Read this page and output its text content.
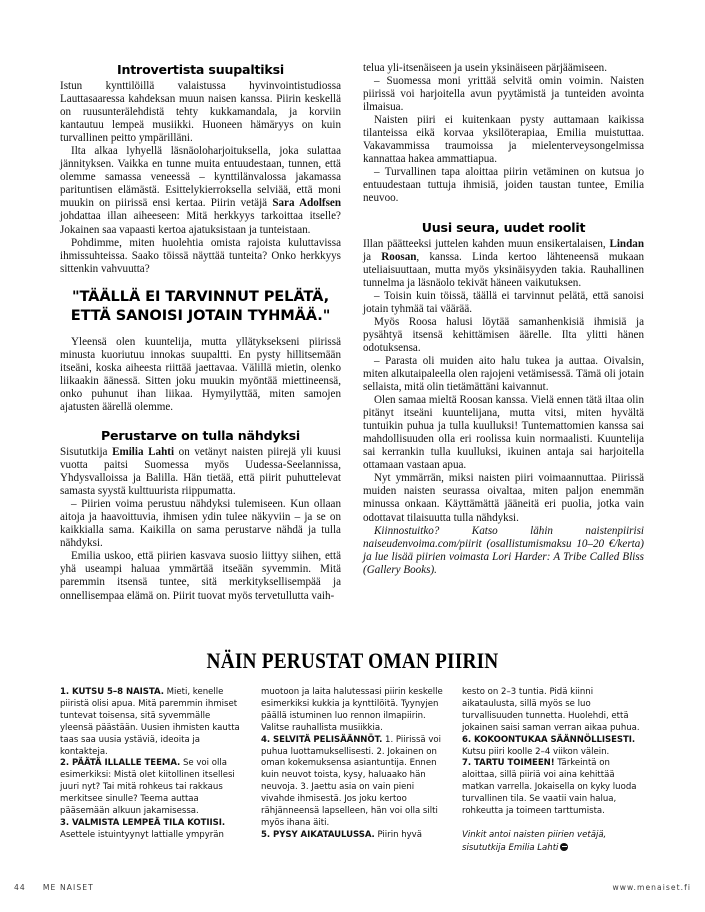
Introvertista suupaltiksi

Istun kynttilöillä valaistussa hyvinvointistudiossa Lauttasaaressa kahdeksan muun naisen kanssa. Piirin keskellä on ruusunterälehdistä tehty kukkamandala, ja korviin kantautuu lempeä musiikki. Huoneen hämäryys on kuin turvallinen peitto ympärilläni.

Ilta alkaa lyhyellä läsnäoloharjoituksella, joka sulattaa jännityksen. Vaikka en tunne muita entuudestaan, tunnen, että olemme samassa veneessä – kynttilänvalossa jakamassa parituntisen elämästä. Esittelykierroksella selviää, että moni muukin on piirissä ensi kertaa. Piirin vetäjä Sara Adolfsen johdattaa illan aiheeseen: Mitä herkkyys tarkoittaa itselle? Jokainen saa vapaasti kertoa ajatuksistaan ja tunteistaan.

Pohdimme, miten huolehtia omista rajoista kuluttavissa ihmissuhteissa. Saako töissä näyttää tunteita? Onko herkkyys sittenkin vahvuutta?

"TÄÄLLÄ EI TARVINNUT PELÄTÄ, ETTÄ SANOISI JOTAIN TYHMÄÄ."

Yleensä olen kuuntelija, mutta yllätyksekseni piirissä minusta kuoriutuu innokas suupaltti. En pysty hillitsemään itseäni, koska aiheesta riittää jaettavaa. Välillä mietin, olenko liikaakin äänessä. Sitten joku muukin myöntää miettineensä, onko puhunut ihan liikaa. Hymyilyttää, miten samojen ajatusten äärellä olemme.

Perustarve on tulla nähdyksi

Sisututkija Emilia Lahti on vetänyt naisten piirejä yli kuusi vuotta paitsi Suomessa myös Uudessa-Seelannissa, Yhdysvalloissa ja Balilla. Hän tietää, että piirit puhuttelevat samasta syystä kulttuurista riippumatta.

– Piirien voima perustuu nähdyksi tulemiseen. Kun ollaan aitoja ja haavoittuvia, ihmisen ydin tulee näkyviin – ja se on kaikkialla sama. Kaikilla on sama perustarve nähdä ja tulla nähdyksi.

Emilia uskoo, että piirien kasvava suosio liittyy siihen, että yhä useampi haluaa ymmärtää itseään syvemmin. Mitä paremmin itsensä tuntee, sitä merkityksellisempää ja onnellisempaa elämä on. Piirit tuovat myös tervetullutta vaih-

telua yli-itsenäiseen ja usein yksinäiseen pärjäämiseen.

– Suomessa moni yrittää selvitä omin voimin. Naisten piirissä voi harjoitella avun pyytämistä ja tunteiden avointa ilmaisua.

Naisten piiri ei kuitenkaan pysty auttamaan kaikissa tilanteissa eikä korvaa yksilöterapiaa, Emilia muistuttaa. Vakavammissa traumoissa ja mielenterveysongelmissa kannattaa hakea ammattiapua.

– Turvallinen tapa aloittaa piirin vetäminen on kutsua jo entuudestaan tuttuja ihmisiä, joiden taustan tuntee, Emilia neuvoo.

Uusi seura, uudet roolit

Illan päätteeksi juttelen kahden muun ensikertalaisen, Lindan ja Roosan, kanssa. Linda kertoo lähteneensä mukaan uteliaisuuttaan, mutta myös yksinäisyyden takia. Rauhallinen tunnelma ja läsnäolo tekivät häneen vaikutuksen.

– Toisin kuin töissä, täällä ei tarvinnut pelätä, että sanoisi jotain tyhmää tai väärää.

Myös Roosa halusi löytää samanhenkisiä ihmisiä ja pysähtyä itsensä kehittämisen äärelle. Ilta ylitti hänen odotuksensa.

– Parasta oli muiden aito halu tukea ja auttaa. Oivalsin, miten alkutaipaleella olen rajojeni vetämisessä. Tämä oli jotain sellaista, mitä olin tietämättäni kaivannut.

Olen samaa mieltä Roosan kanssa. Vielä ennen tätä iltaa olin pitänyt itseäni kuuntelijana, mutta vitsi, miten hyvältä tuntuikin puhua ja tulla kuulluksi! Tuntemattomien kanssa sai mahdollisuuden olla eri roolissa kuin normaalisti. Kuuntelija sai kerrankin tulla kuulluksi, ikuinen antaja sai harjoitella ottamaan vastaan apua.

Nyt ymmärrän, miksi naisten piiri voimaannuttaa. Piirissä muiden naisten seurassa oivaltaa, miten paljon enemmän minussa onkaan. Käyttämättä jääneitä eri puolia, jotka vain odottavat tilaisuutta tulla nähdyksi.

Kiinnostuitko? Katso lähin naistenpiirisi naiseudenvoima.com/piirit (osallistumismaksu 10–20 €/kerta) ja lue lisää piirien voimasta Lori Harder: A Tribe Called Bliss (Gallery Books).

NÄIN PERUSTAT OMAN PIIRIN

1. KUTSU 5–8 NAISTA. Mieti, kenelle piiristä olisi apua. Mitä paremmin ihmiset tuntevat toisensa, sitä syvemmälle yleensä päästään. Uusien ihmisten kautta taas saa uusia ystäviä, ideoita ja kontakteja.

2. PÄÄTÄ ILLALLE TEEMA. Se voi olla esimerkiksi: Mistä olet kiitollinen itsellesi juuri nyt? Tai mitä rohkeus tai rakkaus merkitsee sinulle? Teema auttaa pääsemään alkuun jakamisessa.

3. VALMISTA LEMPEÄ TILA KOTIISI. Asettele istuintyynyt lattialle ympyrän

muotoon ja laita halutessasi piirin keskelle esimerkiksi kukkia ja kynttilöitä. Tyynyjen päällä istuminen luo rennon ilmapiirin. Valitse rauhallista musiikkia.

4. SELVITÄ PELISÄÄNNÖT. 1. Piirissä voi puhua luottamuksellisesti. 2. Jokainen on oman kokemuksensa asiantuntija. Ennen kuin neuvot toista, kysy, haluaako hän neuvoja. 3. Jaettu asia on vain pieni vivahde ihmisestä. Jos joku kertoo rähjänneensä lapselleen, hän voi olla silti myös ihana äiti.

5. PYSY AIKATAULUSSA. Piirin hyvä

kesto on 2–3 tuntia. Pidä kiinni aikataulusta, sillä myös se luo turvallisuuden tunnetta. Huolehdi, että jokainen saisi saman verran aikaa puhua.

6. KOKOONTUKAA SÄÄNNÖLLISESTI. Kutsu piiri koolle 2–4 viikon välein.

7. TARTU TOIMEEN! Tärkeintä on aloittaa, sillä piiriä voi aina kehittää matkan varrella. Jokaisella on kyky luoda turvallinen tila. Se vaatii vain halua, rohkeutta ja toimeen tarttumista.

Vinkit antoi naisten piirien vetäjä,
sisututkija Emilia Lahti

44 ME NAISET	www.menaiset.fi
